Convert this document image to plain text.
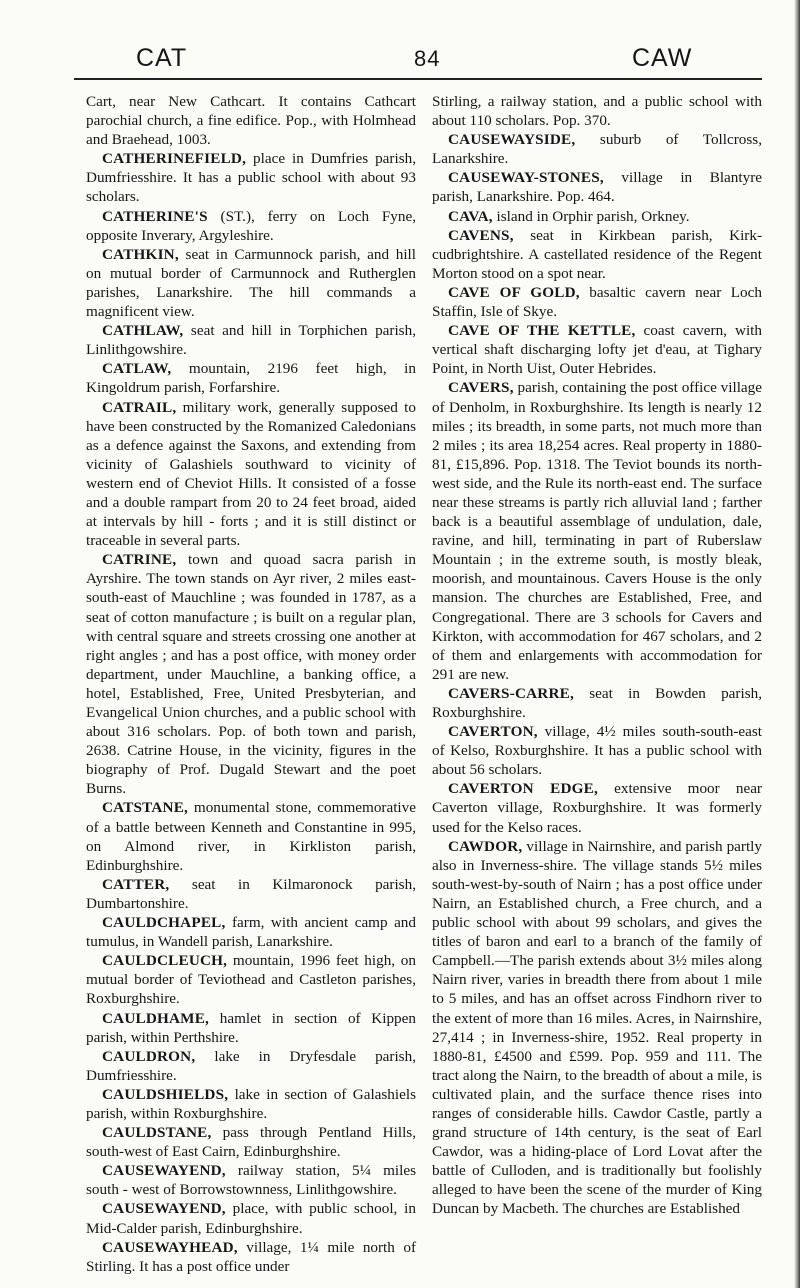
CAT	84	CAW

Cart, near New Cathcart. It contains Cathcart parochial church, a fine edifice. Pop., with Holmhead and Braehead, 1003.

CATHERINEFIELD, place in Dumfries parish, Dumfriesshire. It has a public school with about 93 scholars.

CATHERINE'S (ST.), ferry on Loch Fyne, opposite Inverary, Argyleshire.

CATHKIN, seat in Carmunnock parish, and hill on mutual border of Carmunnock and Rutherglen parishes, Lanarkshire. The hill commands a magnificent view.

CATHLAW, seat and hill in Torphichen parish, Linlithgowshire.

CATLAW, mountain, 2196 feet high, in Kingoldrum parish, Forfarshire.

CATRAIL, military work, generally supposed to have been constructed by the Romanized Caledonians as a defence against the Saxons, and extending from vicinity of Galashiels southward to vicinity of western end of Cheviot Hills. It consisted of a fosse and a double rampart from 20 to 24 feet broad, aided at intervals by hill - forts ; and it is still distinct or traceable in several parts.

CATRINE, town and quoad sacra parish in Ayrshire. The town stands on Ayr river, 2 miles east-south-east of Mauchline ; was founded in 1787, as a seat of cotton manufacture ; is built on a regular plan, with central square and streets crossing one another at right angles ; and has a post office, with money order department, under Mauchline, a banking office, a hotel, Established, Free, United Presbyterian, and Evangelical Union churches, and a public school with about 316 scholars. Pop. of both town and parish, 2638. Catrine House, in the vicinity, figures in the biography of Prof. Dugald Stewart and the poet Burns.

CATSTANE, monumental stone, commemorative of a battle between Kenneth and Constantine in 995, on Almond river, in Kirkliston parish, Edinburghshire.

CATTER, seat in Kilmaronock parish, Dumbartonshire.

CAULDCHAPEL, farm, with ancient camp and tumulus, in Wandell parish, Lanarkshire.

CAULDCLEUCH, mountain, 1996 feet high, on mutual border of Teviothead and Castleton parishes, Roxburghshire.

CAULDHAME, hamlet in section of Kippen parish, within Perthshire.

CAULDRON, lake in Dryfesdale parish, Dumfriesshire.

CAULDSHIELDS, lake in section of Galashiels parish, within Roxburghshire.

CAULDSTANE, pass through Pentland Hills, south-west of East Cairn, Edinburghshire.

CAUSEWAYEND, railway station, 5¼ miles south - west of Borrowstownness, Linlithgowshire.

CAUSEWAYEND, place, with public school, in Mid-Calder parish, Edinburghshire.

CAUSEWAYHEAD, village, 1¼ mile north of Stirling. It has a post office under

Stirling, a railway station, and a public school with about 110 scholars. Pop. 370.

CAUSEWAYSIDE, suburb of Tollcross, Lanarkshire.

CAUSEWAY-STONES, village in Blantyre parish, Lanarkshire. Pop. 464.

CAVA, island in Orphir parish, Orkney.

CAVENS, seat in Kirkbean parish, Kirkcudbrightshire. A castellated residence of the Regent Morton stood on a spot near.

CAVE OF GOLD, basaltic cavern near Loch Staffin, Isle of Skye.

CAVE OF THE KETTLE, coast cavern, with vertical shaft discharging lofty jet d'eau, at Tighary Point, in North Uist, Outer Hebrides.

CAVERS, parish, containing the post office village of Denholm, in Roxburghshire. Its length is nearly 12 miles ; its breadth, in some parts, not much more than 2 miles ; its area 18,254 acres. Real property in 1880-81, £15,896. Pop. 1318. The Teviot bounds its north-west side, and the Rule its north-east end. The surface near these streams is partly rich alluvial land ; farther back is a beautiful assemblage of undulation, dale, ravine, and hill, terminating in part of Ruberslaw Mountain ; in the extreme south, is mostly bleak, moorish, and mountainous. Cavers House is the only mansion. The churches are Established, Free, and Congregational. There are 3 schools for Cavers and Kirkton, with accommodation for 467 scholars, and 2 of them and enlargements with accommodation for 291 are new.

CAVERS-CARRE, seat in Bowden parish, Roxburghshire.

CAVERTON, village, 4½ miles south-south-east of Kelso, Roxburghshire. It has a public school with about 56 scholars.

CAVERTON EDGE, extensive moor near Caverton village, Roxburghshire. It was formerly used for the Kelso races.

CAWDOR, village in Nairnshire, and parish partly also in Inverness-shire. The village stands 5½ miles south-west-by-south of Nairn ; has a post office under Nairn, an Established church, a Free church, and a public school with about 99 scholars, and gives the titles of baron and earl to a branch of the family of Campbell.—The parish extends about 3½ miles along Nairn river, varies in breadth there from about 1 mile to 5 miles, and has an offset across Findhorn river to the extent of more than 16 miles. Acres, in Nairnshire, 27,414 ; in Inverness-shire, 1952. Real property in 1880-81, £4500 and £599. Pop. 959 and 111. The tract along the Nairn, to the breadth of about a mile, is cultivated plain, and the surface thence rises into ranges of considerable hills. Cawdor Castle, partly a grand structure of 14th century, is the seat of Earl Cawdor, was a hiding-place of Lord Lovat after the battle of Culloden, and is traditionally but foolishly alleged to have been the scene of the murder of King Duncan by Macbeth. The churches are Established
